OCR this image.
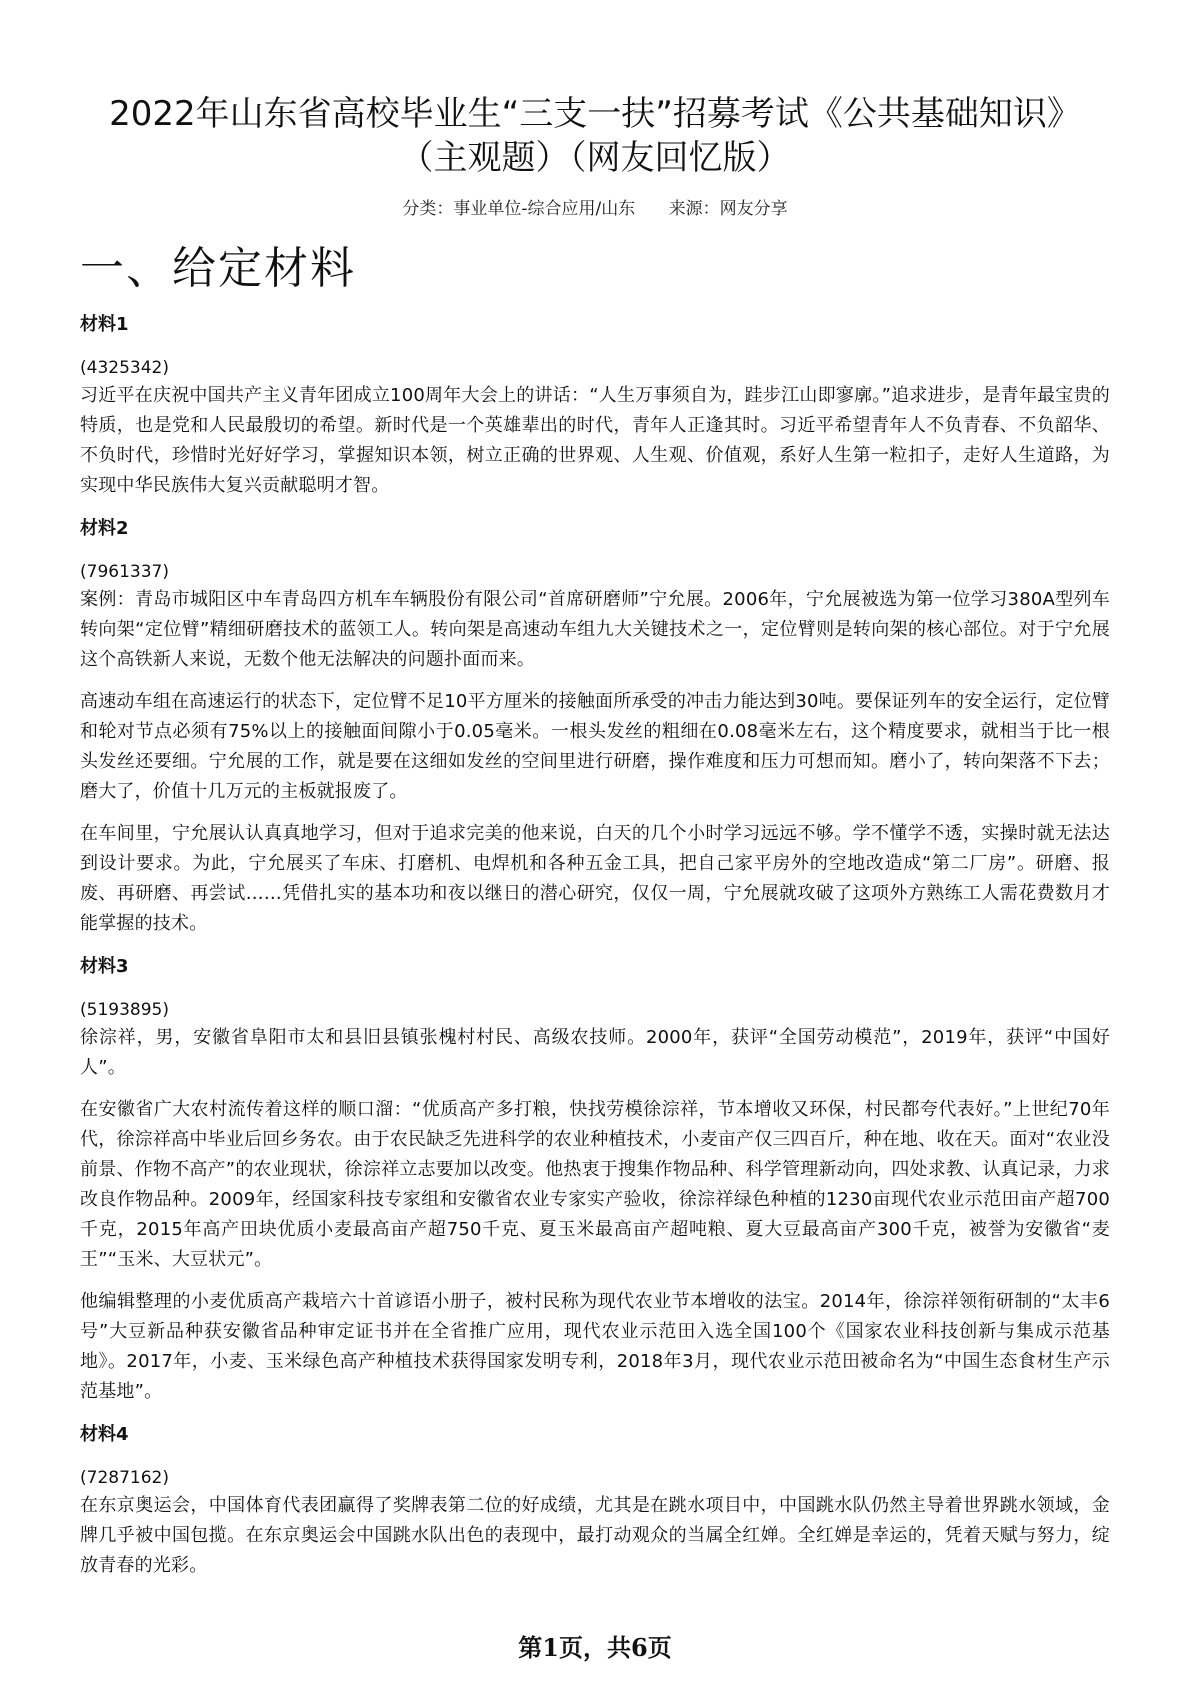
2022年山东省高校毕业生“三支一扶”招募考试《公共基础知识》
（主观题）（网友回忆版）
分类：事业单位-综合应用/山东 来源：网友分享
一、给定材料
材料1
(4325342)

习近平在庆祝中国共产主义青年团成立100周年大会上的讲话：“人生万事须自为，跬步江山即寥廓。”追求进步，是青年最宝贵的特质，也是党和人民最殷切的希望。新时代是一个英雄辈出的时代，青年人正逢其时。习近平希望青年人不负青春、不负韶华、不负时代，珍惜时光好好学习，掌握知识本领，树立正确的世界观、人生观、价值观，系好人生第一粒扣子，走好人生道路，为实现中华民族伟大复兴贡献聪明才智。

材料2
(7961337)

案例：青岛市城阳区中车青岛四方机车车辆股份有限公司“首席研磨师”宁允展。2006年，宁允展被选为第一位学习380A型列车转向架“定位臂”精细研磨技术的蓝领工人。转向架是高速动车组九大关键技术之一，定位臂则是转向架的核心部位。对于宁允展这个高铁新人来说，无数个他无法解决的问题扑面而来。

高速动车组在高速运行的状态下，定位臂不足10平方厘米的接触面所承受的冲击力能达到30吨。要保证列车的安全运行，定位臂和轮对节点必须有75%以上的接触面间隙小于0.05毫米。一根头发丝的粗细在0.08毫米左右，这个精度要求，就相当于比一根头发丝还要细。宁允展的工作，就是要在这细如发丝的空间里进行研磨，操作难度和压力可想而知。磨小了，转向架落不下去；磨大了，价值十几万元的主板就报废了。

在车间里，宁允展认认真真地学习，但对于追求完美的他来说，白天的几个小时学习远远不够。学不懂学不透，实操时就无法达到设计要求。为此，宁允展买了车床、打磨机、电焊机和各种五金工具，把自己家平房外的空地改造成“第二厂房”。研磨、报废、再研磨、再尝试……凭借扎实的基本功和夜以继日的潜心研究，仅仅一周，宁允展就攻破了这项外方熟练工人需花费数月才能掌握的技术。

材料3
(5193895)

徐淙祥，男，安徽省阜阳市太和县旧县镇张槐村村民、高级农技师。2000年，获评“全国劳动模范”，2019年，获评“中国好人”。

在安徽省广大农村流传着这样的顺口溜：“优质高产多打粮，快找劳模徐淙祥，节本增收又环保，村民都夸代表好。”上世纪70年代，徐淙祥高中毕业后回乡务农。由于农民缺乏先进科学的农业种植技术，小麦亩产仅三四百斤，种在地、收在天。面对“农业没前景、作物不高产”的农业现状，徐淙祥立志要加以改变。他热衷于搜集作物品种、科学管理新动向，四处求教、认真记录，力求改良作物品种。2009年，经国家科技专家组和安徽省农业专家实产验收，徐淙祥绿色种植的1230亩现代农业示范田亩产超700千克，2015年高产田块优质小麦最高亩产超750千克、夏玉米最高亩产超吨粮、夏大豆最高亩产300千克，被誉为安徽省“麦王”“玉米、大豆状元”。

他编辑整理的小麦优质高产栽培六十首谚语小册子，被村民称为现代农业节本增收的法宝。2014年，徐淙祥领衔研制的“太丰6号”大豆新品种获安徽省品种审定证书并在全省推广应用，现代农业示范田入选全国100个《国家农业科技创新与集成示范基地》。2017年，小麦、玉米绿色高产种植技术获得国家发明专利，2018年3月，现代农业示范田被命名为“中国生态食材生产示范基地”。

材料4
(7287162)

在东京奥运会，中国体育代表团赢得了奖牌表第二位的好成绩，尤其是在跳水项目中，中国跳水队仍然主导着世界跳水领域，金牌几乎被中国包揽。在东京奥运会中国跳水队出色的表现中，最打动观众的当属全红婵。全红婵是幸运的，凭着天赋与努力，绽放青春的光彩。

第1页，共6页
